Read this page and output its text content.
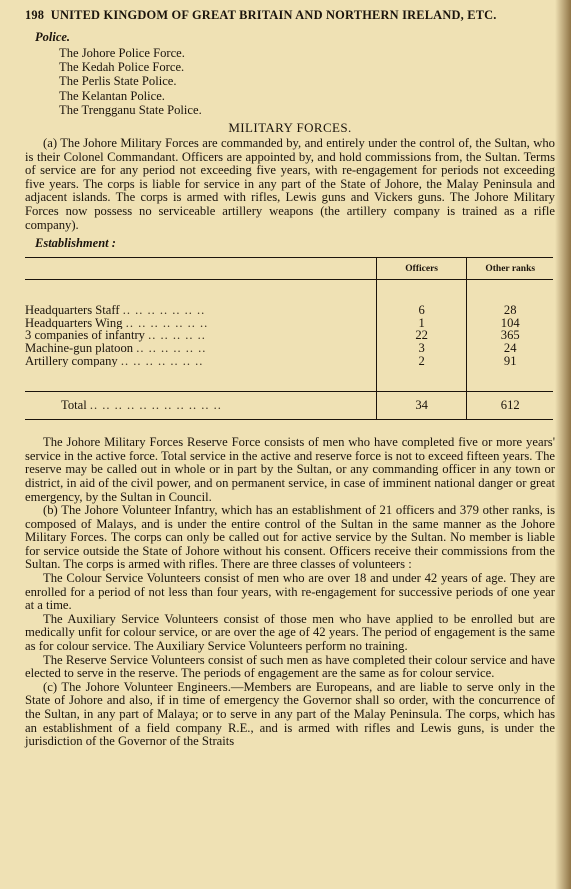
198 UNITED KINGDOM OF GREAT BRITAIN AND NORTHERN IRELAND, ETC.
Police.
The Johore Police Force.
The Kedah Police Force.
The Perlis State Police.
The Kelantan Police.
The Trengganu State Police.
MILITARY FORCES.

(a) The Johore Military Forces are commanded by, and entirely under the control of, the Sultan, who is their Colonel Commandant. Officers are appointed by, and hold commissions from, the Sultan. Terms of service are for any period not exceeding five years, with re-engagement for periods not exceeding five years. The corps is liable for service in any part of the State of Johore, the Malay Peninsula and adjacent islands. The corps is armed with rifles, Lewis guns and Vickers guns. The Johore Military Forces now possess no serviceable artillery weapons (the artillery company is trained as a rifle company).

Establishment :
	Officers	Other ranks

Headquarters Staff .. .. .. .. .. .. ..	6	28
Headquarters Wing .. .. .. .. .. .. ..	1	104
3 companies of infantry .. .. .. .. ..	22	365
Machine-gun platoon .. .. .. .. .. ..	3	24
Artillery company .. .. .. .. .. .. ..	2	91

Total .. .. .. .. .. .. .. .. .. .. ..	34	612

The Johore Military Forces Reserve Force consists of men who have completed five or more years' service in the active force. Total service in the active and reserve force is not to exceed fifteen years. The reserve may be called out in whole or in part by the Sultan, or any commanding officer in any town or district, in aid of the civil power, and on permanent service, in case of imminent national danger or great emergency, by the Sultan in Council.

(b) The Johore Volunteer Infantry, which has an establishment of 21 officers and 379 other ranks, is composed of Malays, and is under the entire control of the Sultan in the same manner as the Johore Military Forces. The corps can only be called out for active service by the Sultan. No member is liable for service outside the State of Johore without his consent. Officers receive their commissions from the Sultan. The corps is armed with rifles. There are three classes of volunteers :

The Colour Service Volunteers consist of men who are over 18 and under 42 years of age. They are enrolled for a period of not less than four years, with re-engagement for successive periods of one year at a time.

The Auxiliary Service Volunteers consist of those men who have applied to be enrolled but are medically unfit for colour service, or are over the age of 42 years. The period of engagement is the same as for colour service. The Auxiliary Service Volunteers perform no training.

The Reserve Service Volunteers consist of such men as have completed their colour service and have elected to serve in the reserve. The periods of engagement are the same as for colour service.

(c) The Johore Volunteer Engineers.—Members are Europeans, and are liable to serve only in the State of Johore and also, if in time of emergency the Governor shall so order, with the concurrence of the Sultan, in any part of Malaya; or to serve in any part of the Malay Peninsula. The corps, which has an establishment of a field company R.E., and is armed with rifles and Lewis guns, is under the jurisdiction of the Governor of the Straits
